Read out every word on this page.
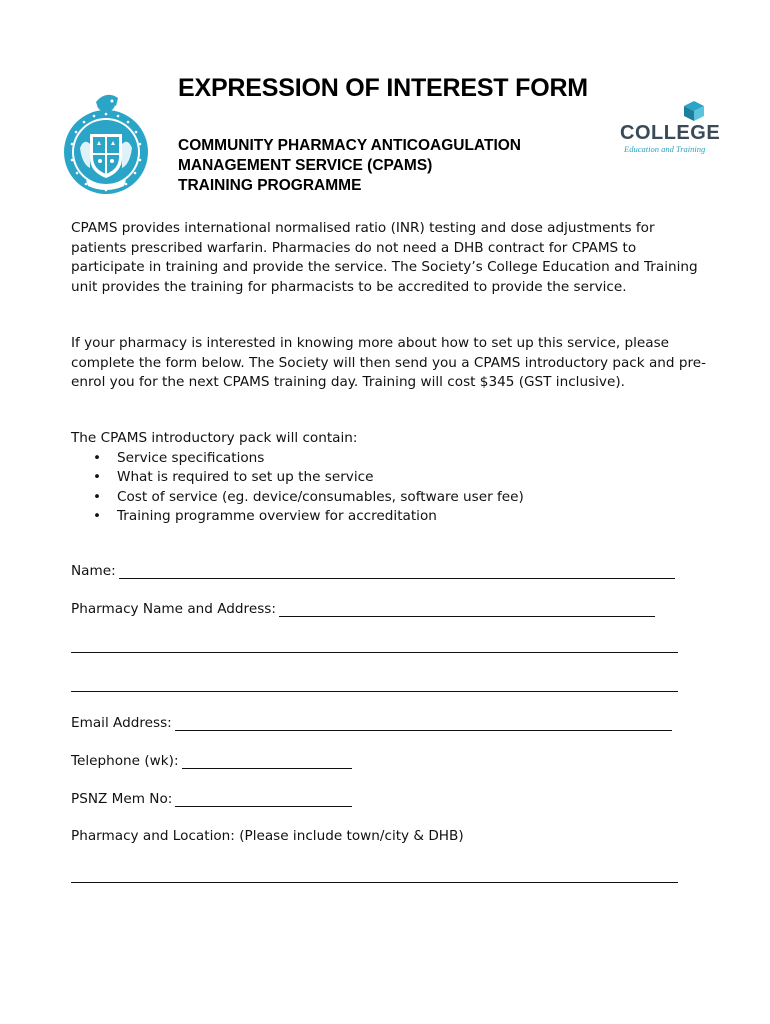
EXPRESSION OF INTEREST FORM
COMMUNITY PHARMACY ANTICOAGULATION
MANAGEMENT SERVICE (CPAMS)
TRAINING PROGRAMME
COLLEGE
Education and Training

CPAMS provides international normalised ratio (INR) testing and dose adjustments for patients prescribed warfarin. Pharmacies do not need a DHB contract for CPAMS to participate in training and provide the service. The Society’s College Education and Training unit provides the training for pharmacists to be accredited to provide the service.

If your pharmacy is interested in knowing more about how to set up this service, please complete the form below. The Society will then send you a CPAMS introductory pack and pre-enrol you for the next CPAMS training day. Training will cost $345 (GST inclusive).

The CPAMS introductory pack will contain:
• Service specifications
• What is required to set up the service
• Cost of service (eg. device/consumables, software user fee)
• Training programme overview for accreditation
Name:
Pharmacy Name and Address:
Email Address:
Telephone (wk):
PSNZ Mem No:
Pharmacy and Location: (Please include town/city & DHB)
